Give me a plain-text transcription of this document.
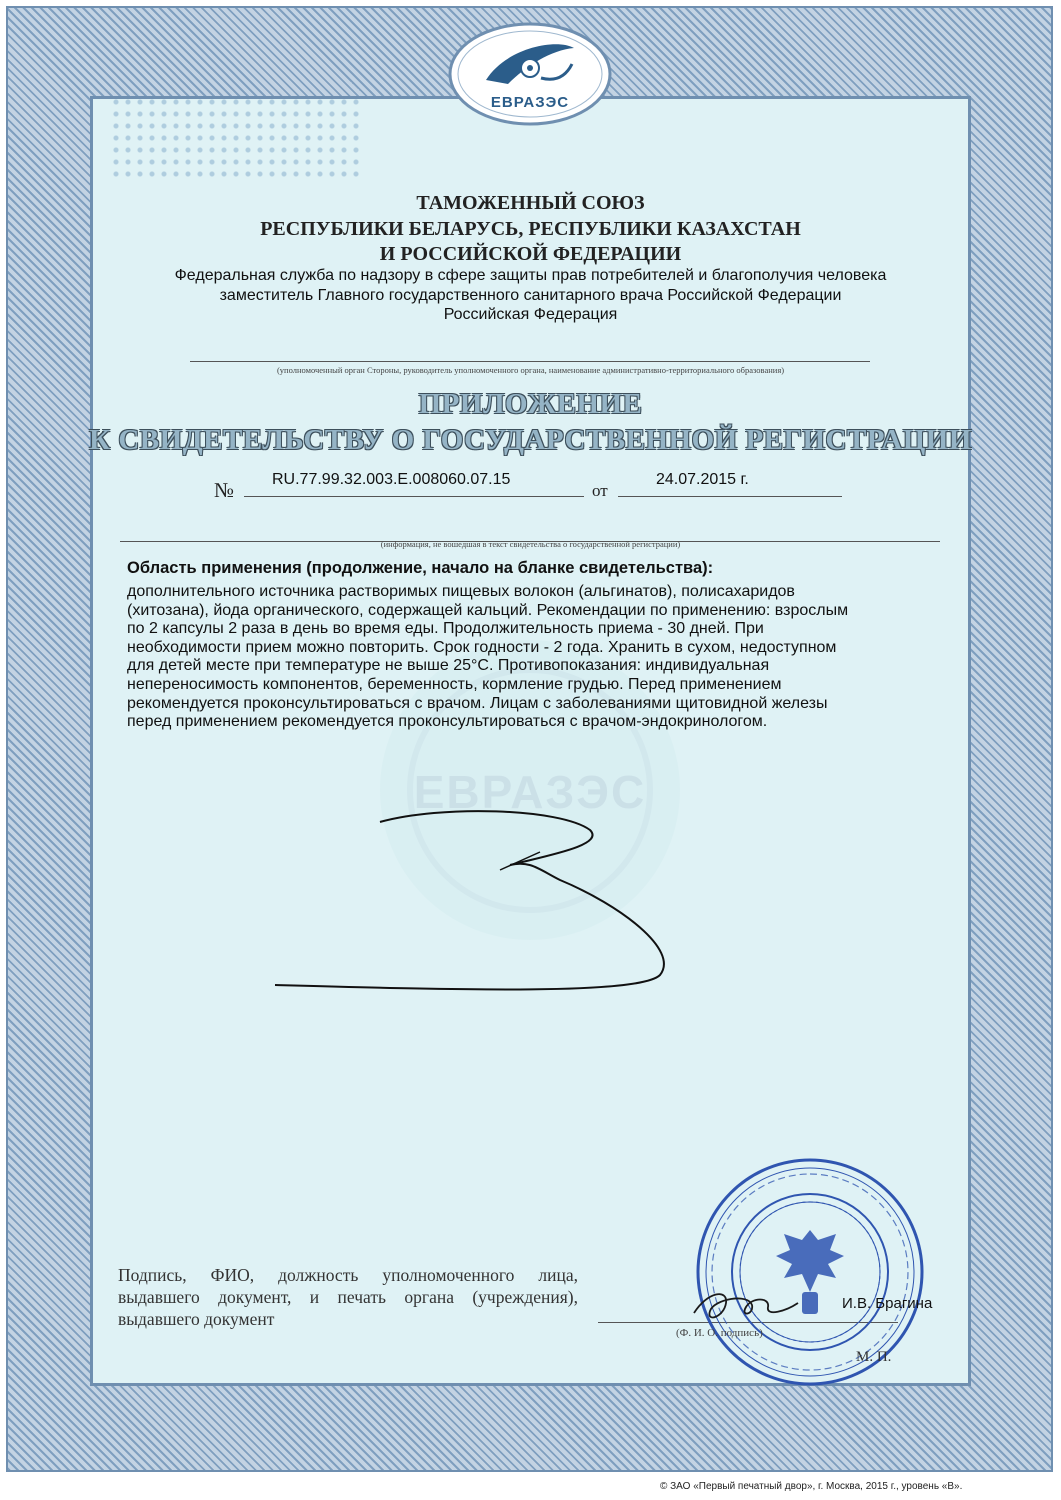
ЕВРАЗЭС
ЕВРАЗЭС
ТАМОЖЕННЫЙ СОЮЗ
РЕСПУБЛИКИ БЕЛАРУСЬ, РЕСПУБЛИКИ КАЗАХСТАН
И РОССИЙСКОЙ ФЕДЕРАЦИИ
Федеральная служба по надзору в сфере защиты прав потребителей и благополучия человека
заместитель Главного государственного санитарного врача Российской Федерации
Российская Федерация
(уполномоченный орган Стороны, руководитель уполномоченного органа, наименование административно-территориального образования)
ПРИЛОЖЕНИЕ
К СВИДЕТЕЛЬСТВУ О ГОСУДАРСТВЕННОЙ РЕГИСТРАЦИИ
№ RU.77.99.32.003.E.008060.07.15
от
24.07.2015 г.
(информация, не вошедшая в текст свидетельства о государственной регистрации)
Область применения (продолжение, начало на бланке свидетельства):
дополнительного источника растворимых пищевых волокон (альгинатов), полисахаридов
(хитозана), йода органического, содержащей кальций. Рекомендации по применению: взрослым
по 2 капсулы 2 раза в день во время еды. Продолжительность приема - 30 дней. При
необходимости прием можно повторить. Срок годности - 2 года. Хранить в сухом, недоступном
для детей месте при температуре не выше 25°С. Противопоказания: индивидуальная
непереносимость компонентов, беременность, кормление грудью. Перед применением
рекомендуется проконсультироваться с врачом. Лицам с заболеваниями щитовидной железы
перед применением рекомендуется проконсультироваться с врачом-эндокринологом.
Подпись, ФИО, должность уполномоченного лица, выдавшего документ, и печать органа (учреждения), выдавшего документ
И.В. Брагина
(Ф. И. О. подпись)
М. П.
© ЗАО «Первый печатный двор», г. Москва, 2015 г., уровень «В».
